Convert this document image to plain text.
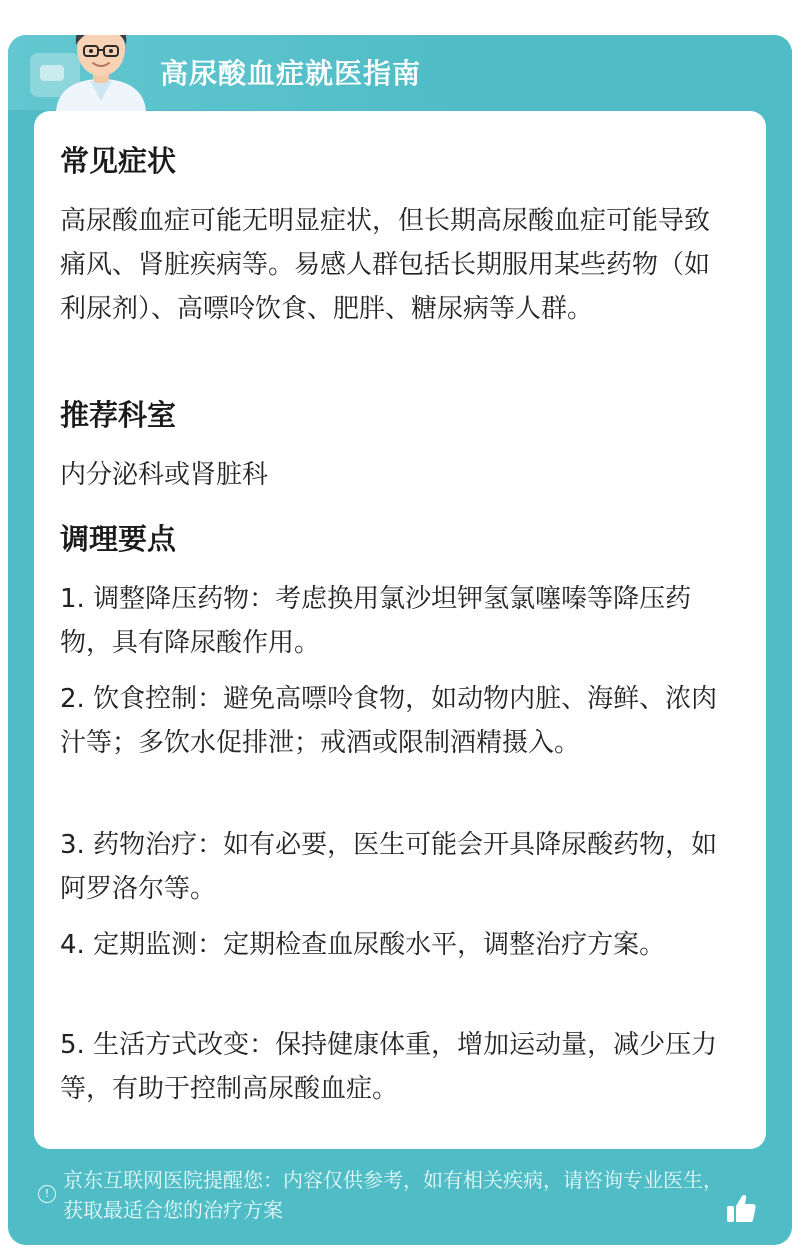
高尿酸血症就医指南
常见症状
高尿酸血症可能无明显症状，但长期高尿酸血症可能导致痛风、肾脏疾病等。易感人群包括长期服用某些药物（如利尿剂）、高嘌呤饮食、肥胖、糖尿病等人群。
推荐科室
内分泌科或肾脏科
调理要点
1. 调整降压药物：考虑换用氯沙坦钾氢氯噻嗪等降压药物，具有降尿酸作用。
2. 饮食控制：避免高嘌呤食物，如动物内脏、海鲜、浓肉汁等；多饮水促排泄；戒酒或限制酒精摄入。
3. 药物治疗：如有必要，医生可能会开具降尿酸药物，如阿罗洛尔等。
4. 定期监测：定期检查血尿酸水平，调整治疗方案。
5. 生活方式改变：保持健康体重，增加运动量，减少压力等，有助于控制高尿酸血症。
!
京东互联网医院提醒您：内容仅供参考，如有相关疾病，请咨询专业医生，获取最适合您的治疗方案
